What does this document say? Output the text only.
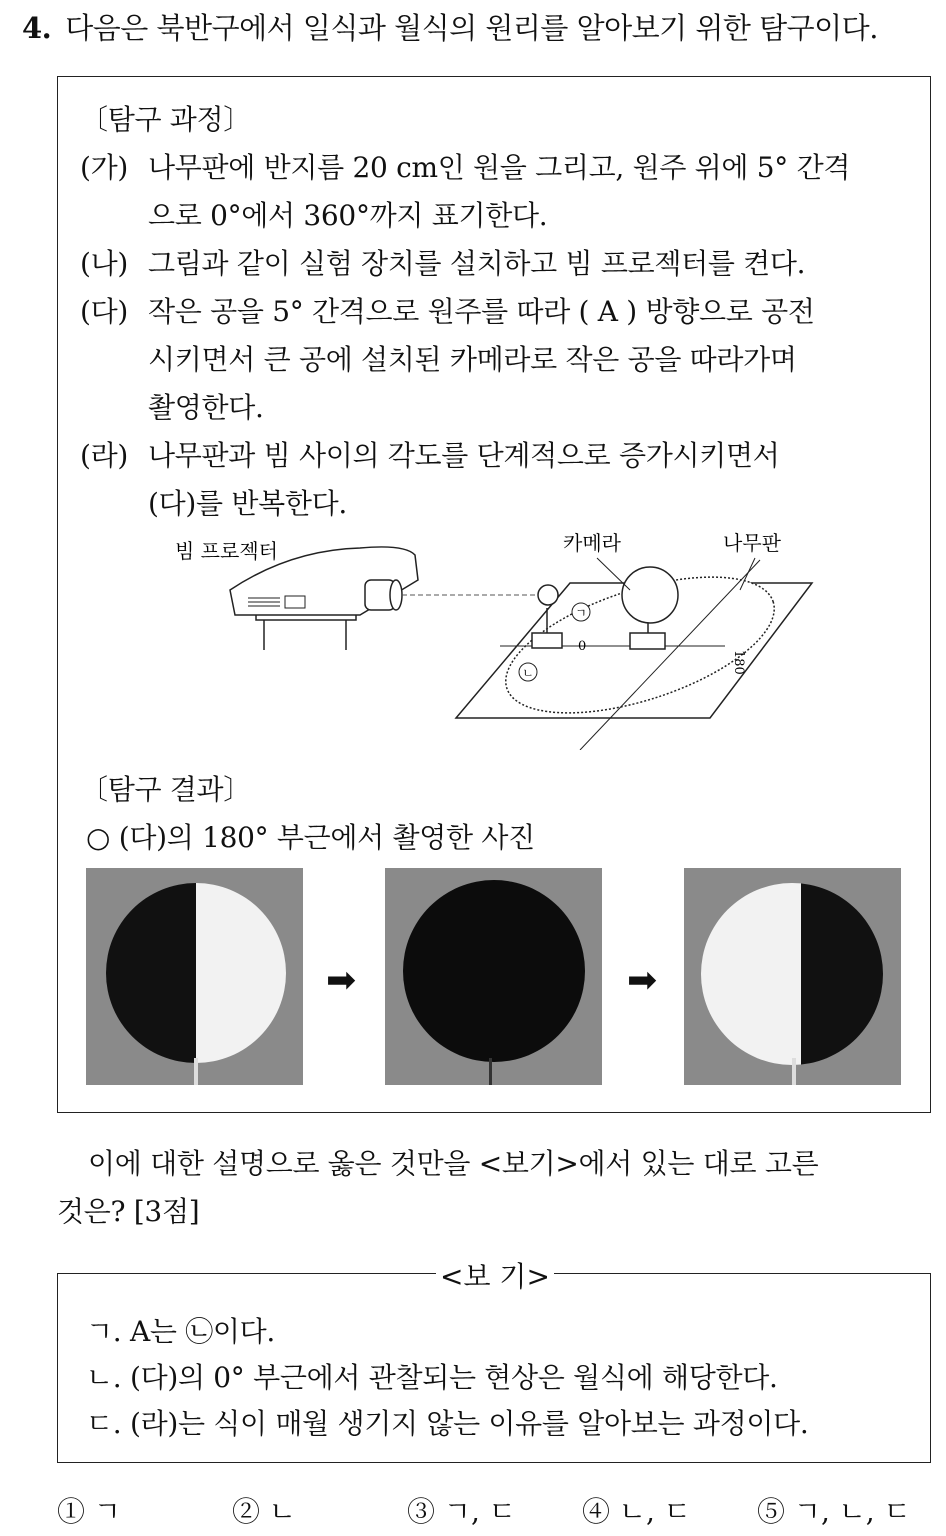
4. 다음은 북반구에서 일식과 월식의 원리를 알아보기 위한 탐구이다.
〔탐구 과정〕
(가) 나무판에 반지름 20 cm인 원을 그리고, 원주 위에 5° 간격
으로 0°에서 360°까지 표기한다.
(나) 그림과 같이 실험 장치를 설치하고 빔 프로젝터를 켠다.
(다) 작은 공을 5° 간격으로 원주를 따라 ( A ) 방향으로 공전
시키면서 큰 공에 설치된 카메라로 작은 공을 따라가며
촬영한다.
(라) 나무판과 빔 사이의 각도를 단계적으로 증가시키면서
(다)를 반복한다.
ㄱ
ㄴ
0
180
빔 프로젝터	카메라	나무판
〔탐구 결과〕
○ (다)의 180° 부근에서 촬영한 사진
➡	➡
이에 대한 설명으로 옳은 것만을 <보기>에서 있는 대로 고른
것은? [3점]
<보 기>
ㄱ. A는 ㉡이다.
ㄴ. (다)의 0° 부근에서 관찰되는 현상은 월식에 해당한다.
ㄷ. (라)는 식이 매월 생기지 않는 이유를 알아보는 과정이다.
① ㄱ	② ㄴ	③ ㄱ, ㄷ ④ ㄴ, ㄷ ⑤ ㄱ, ㄴ, ㄷ
